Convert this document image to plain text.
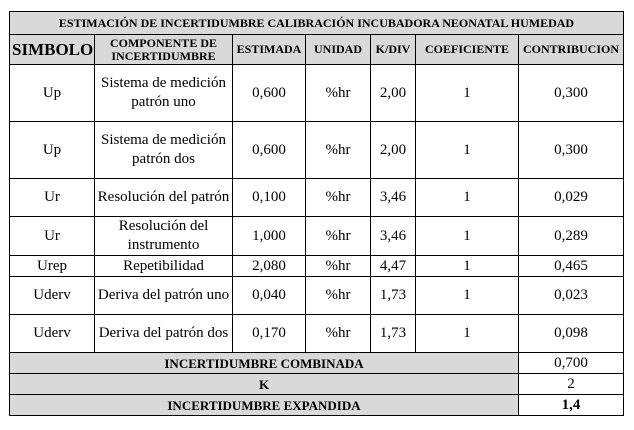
ESTIMACIÓN DE INCERTIDUMBRE CALIBRACIÓN INCUBADORA NEONATAL HUMEDAD						
SIMBOLO	COMPONENTE DE INCERTIDUMBRE	ESTIMADA	UNIDAD	K/DIV	COEFICIENTE	CONTRIBUCION
Up	Sistema de medición patrón uno	0,600	%hr	2,00	1	0,300
Up	Sistema de medición patrón dos	0,600	%hr	2,00	1	0,300
Ur	Resolución del patrón	0,100	%hr	3,46	1	0,029
Ur	Resolución del instrumento	1,000	%hr	3,46	1	0,289
Urep	Repetibilidad	2,080	%hr	4,47	1	0,465
Uderv	Deriva del patrón uno	0,040	%hr	1,73	1	0,023
Uderv	Deriva del patrón dos	0,170	%hr	1,73	1	0,098
INCERTIDUMBRE COMBINADA						0,700
K						2
INCERTIDUMBRE EXPANDIDA						1,4
